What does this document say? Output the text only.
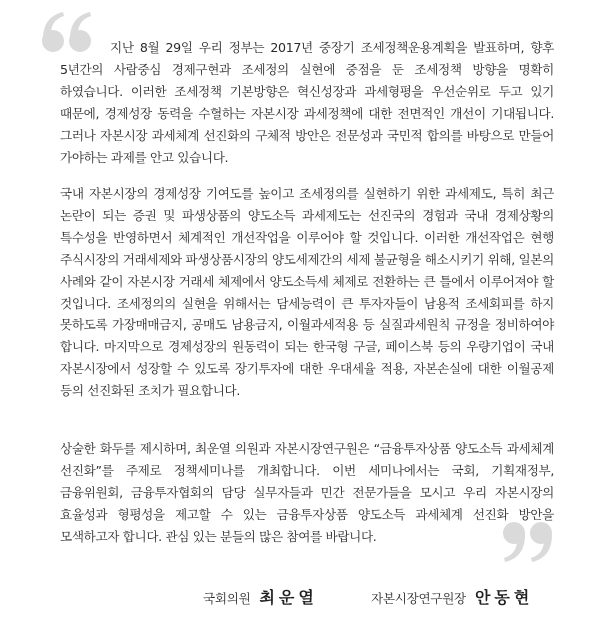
지난 8월 29일 우리 정부는 2017년 중장기 조세정책운용계획을 발표하며, 향후 5년간의 사람중심 경제구현과 조세정의 실현에 중점을 둔 조세정책 방향을 명확히 하였습니다. 이러한 조세정책 기본방향은 혁신성장과 과세형평을 우선순위로 두고 있기 때문에, 경제성장 동력을 수혈하는 자본시장 과세정책에 대한 전면적인 개선이 기대됩니다. 그러나 자본시장 과세체계 선진화의 구체적 방안은 전문성과 국민적 합의를 바탕으로 만들어 가야하는 과제를 안고 있습니다.

국내 자본시장의 경제성장 기여도를 높이고 조세정의를 실현하기 위한 과세제도, 특히 최근 논란이 되는 증권 및 파생상품의 양도소득 과세제도는 선진국의 경험과 국내 경제상황의 특수성을 반영하면서 체계적인 개선작업을 이루어야 할 것입니다. 이러한 개선작업은 현행 주식시장의 거래세제와 파생상품시장의 양도세제간의 세제 불균형을 해소시키기 위해, 일본의 사례와 같이 자본시장 거래세 체제에서 양도소득세 체제로 전환하는 큰 틀에서 이루어져야 할 것입니다. 조세정의의 실현을 위해서는 담세능력이 큰 투자자들이 남용적 조세회피를 하지 못하도록 가장매매금지, 공매도 남용금지, 이월과세적용 등 실질과세원칙 규정을 정비하여야 합니다. 마지막으로 경제성장의 원동력이 되는 한국형 구글, 페이스북 등의 우량기업이 국내 자본시장에서 성장할 수 있도록 장기투자에 대한 우대세율 적용, 자본손실에 대한 이월공제 등의 선진화된 조치가 필요합니다.

상술한 화두를 제시하며, 최운열 의원과 자본시장연구원은 “금융투자상품 양도소득 과세체계 선진화”를 주제로 정책세미나를 개최합니다. 이번 세미나에서는 국회, 기획재정부, 금융위원회, 금융투자협회의 담당 실무자들과 민간 전문가들을 모시고 우리 자본시장의 효율성과 형평성을 제고할 수 있는 금융투자상품 양도소득 과세체계 선진화 방안을 모색하고자 합니다. 관심 있는 분들의 많은 참여를 바랍니다.

국회의원 최운열	자본시장연구원장 안동현
